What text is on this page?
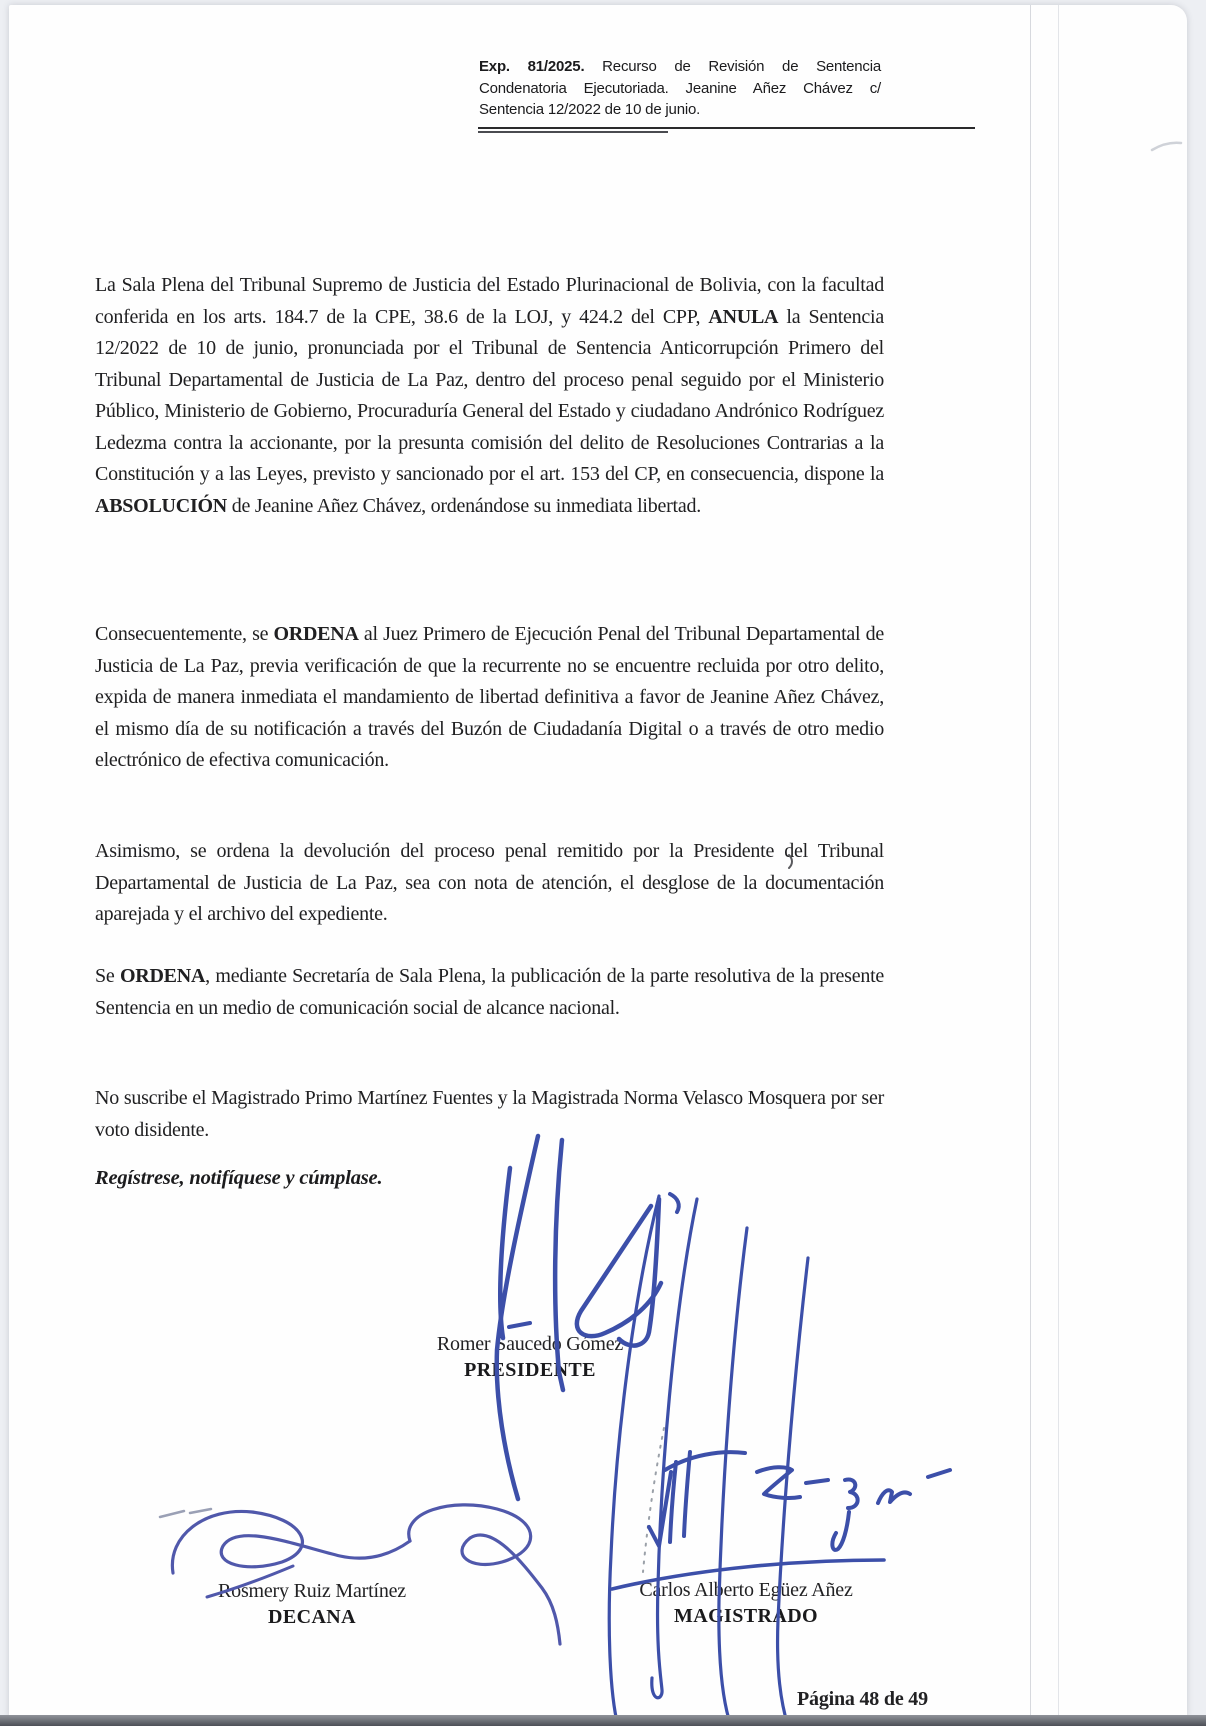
Exp. 81/2025. Recurso de Revisión de Sentencia Condenatoria Ejecutoriada. Jeanine Añez Chávez c/ Sentencia 12/2022 de 10 de junio.

La Sala Plena del Tribunal Supremo de Justicia del Estado Plurinacional de Bolivia, con la facultad conferida en los arts. 184.7 de la CPE, 38.6 de la LOJ, y 424.2 del CPP, ANULA la Sentencia 12/2022 de 10 de junio, pronunciada por el Tribunal de Sentencia Anticorrupción Primero del Tribunal Departamental de Justicia de La Paz, dentro del proceso penal seguido por el Ministerio Público, Ministerio de Gobierno, Procuraduría General del Estado y ciudadano Andrónico Rodríguez Ledezma contra la accionante, por la presunta comisión del delito de Resoluciones Contrarias a la Constitución y a las Leyes, previsto y sancionado por el art. 153 del CP, en consecuencia, dispone la ABSOLUCIÓN de Jeanine Añez Chávez, ordenándose su inmediata libertad.

Consecuentemente, se ORDENA al Juez Primero de Ejecución Penal del Tribunal Departamental de Justicia de La Paz, previa verificación de que la recurrente no se encuentre recluida por otro delito, expida de manera inmediata el mandamiento de libertad definitiva a favor de Jeanine Añez Chávez, el mismo día de su notificación a través del Buzón de Ciudadanía Digital o a través de otro medio electrónico de efectiva comunicación.

Asimismo, se ordena la devolución del proceso penal remitido por la Presidente del Tribunal Departamental de Justicia de La Paz, sea con nota de atención, el desglose de la documentación aparejada y el archivo del expediente.

Se ORDENA, mediante Secretaría de Sala Plena, la publicación de la parte resolutiva de la presente Sentencia en un medio de comunicación social de alcance nacional.

No suscribe el Magistrado Primo Martínez Fuentes y la Magistrada Norma Velasco Mosquera por ser voto disidente.

Regístrese, notifíquese y cúmplase.

Romer Saucedo Gómez
PRESIDENTE
Rosmery Ruiz Martínez
DECANA
Carlos Alberto Egüez Añez
MAGISTRADO
Página 48 de 49
